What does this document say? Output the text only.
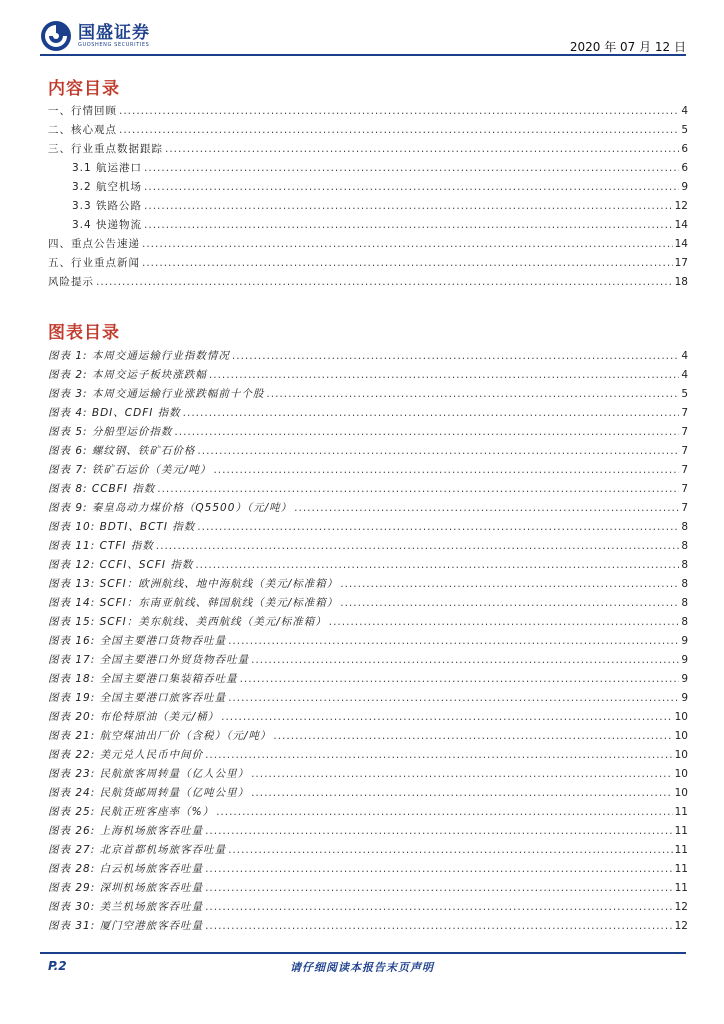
国盛证券
GUOSHENG SECURITIES	2020 年 07 月 12 日
内容目录
一、行情回顾 .....	4
二、核心观点 .....	5
三、行业重点数据跟踪 .....	6
3.1 航运港口 .....	6
3.2 航空机场 .....	9
3.3 铁路公路 .....	12
3.4 快递物流 .....	14
四、重点公告速递 .....	14
五、行业重点新闻 .....	17
风险提示 .....	18
图表目录
图表 1: 本周交通运输行业指数情况 .....	4
图表 2: 本周交运子板块涨跌幅 .....	4
图表 3: 本周交通运输行业涨跌幅前十个股 .....	5
图表 4: BDI、CDFI 指数 .....	7
图表 5: 分船型运价指数 .....	7
图表 6: 螺纹钢、铁矿石价格 .....	7
图表 7: 铁矿石运价（美元/吨） .....	7
图表 8: CCBFI 指数 .....	7
图表 9: 秦皇岛动力煤价格（Q5500）（元/吨） .....	7
图表 10: BDTI、BCTI 指数 .....	8
图表 11: CTFI 指数 .....	8
图表 12: CCFI、SCFI 指数 .....	8
图表 13: SCFI：欧洲航线、地中海航线（美元/标准箱） .....	8
图表 14: SCFI：东南亚航线、韩国航线（美元/标准箱） .....	8
图表 15: SCFI：美东航线、美西航线（美元/标准箱） .....	8
图表 16: 全国主要港口货物吞吐量 .....	9
图表 17: 全国主要港口外贸货物吞吐量 .....	9
图表 18: 全国主要港口集装箱吞吐量 .....	9
图表 19: 全国主要港口旅客吞吐量 .....	9
图表 20: 布伦特原油（美元/桶） .....	10
图表 21: 航空煤油出厂价（含税）（元/吨） .....	10
图表 22: 美元兑人民币中间价 .....	10
图表 23: 民航旅客周转量（亿人公里） .....	10
图表 24: 民航货邮周转量（亿吨公里） .....	10
图表 25: 民航正班客座率（%） .....	11
图表 26: 上海机场旅客吞吐量 .....	11
图表 27: 北京首都机场旅客吞吐量 .....	11
图表 28: 白云机场旅客吞吐量 .....	11
图表 29: 深圳机场旅客吞吐量 .....	11
图表 30: 美兰机场旅客吞吐量 .....	12
图表 31: 厦门空港旅客吞吐量 .....	12
P.2	请仔细阅读本报告末页声明
